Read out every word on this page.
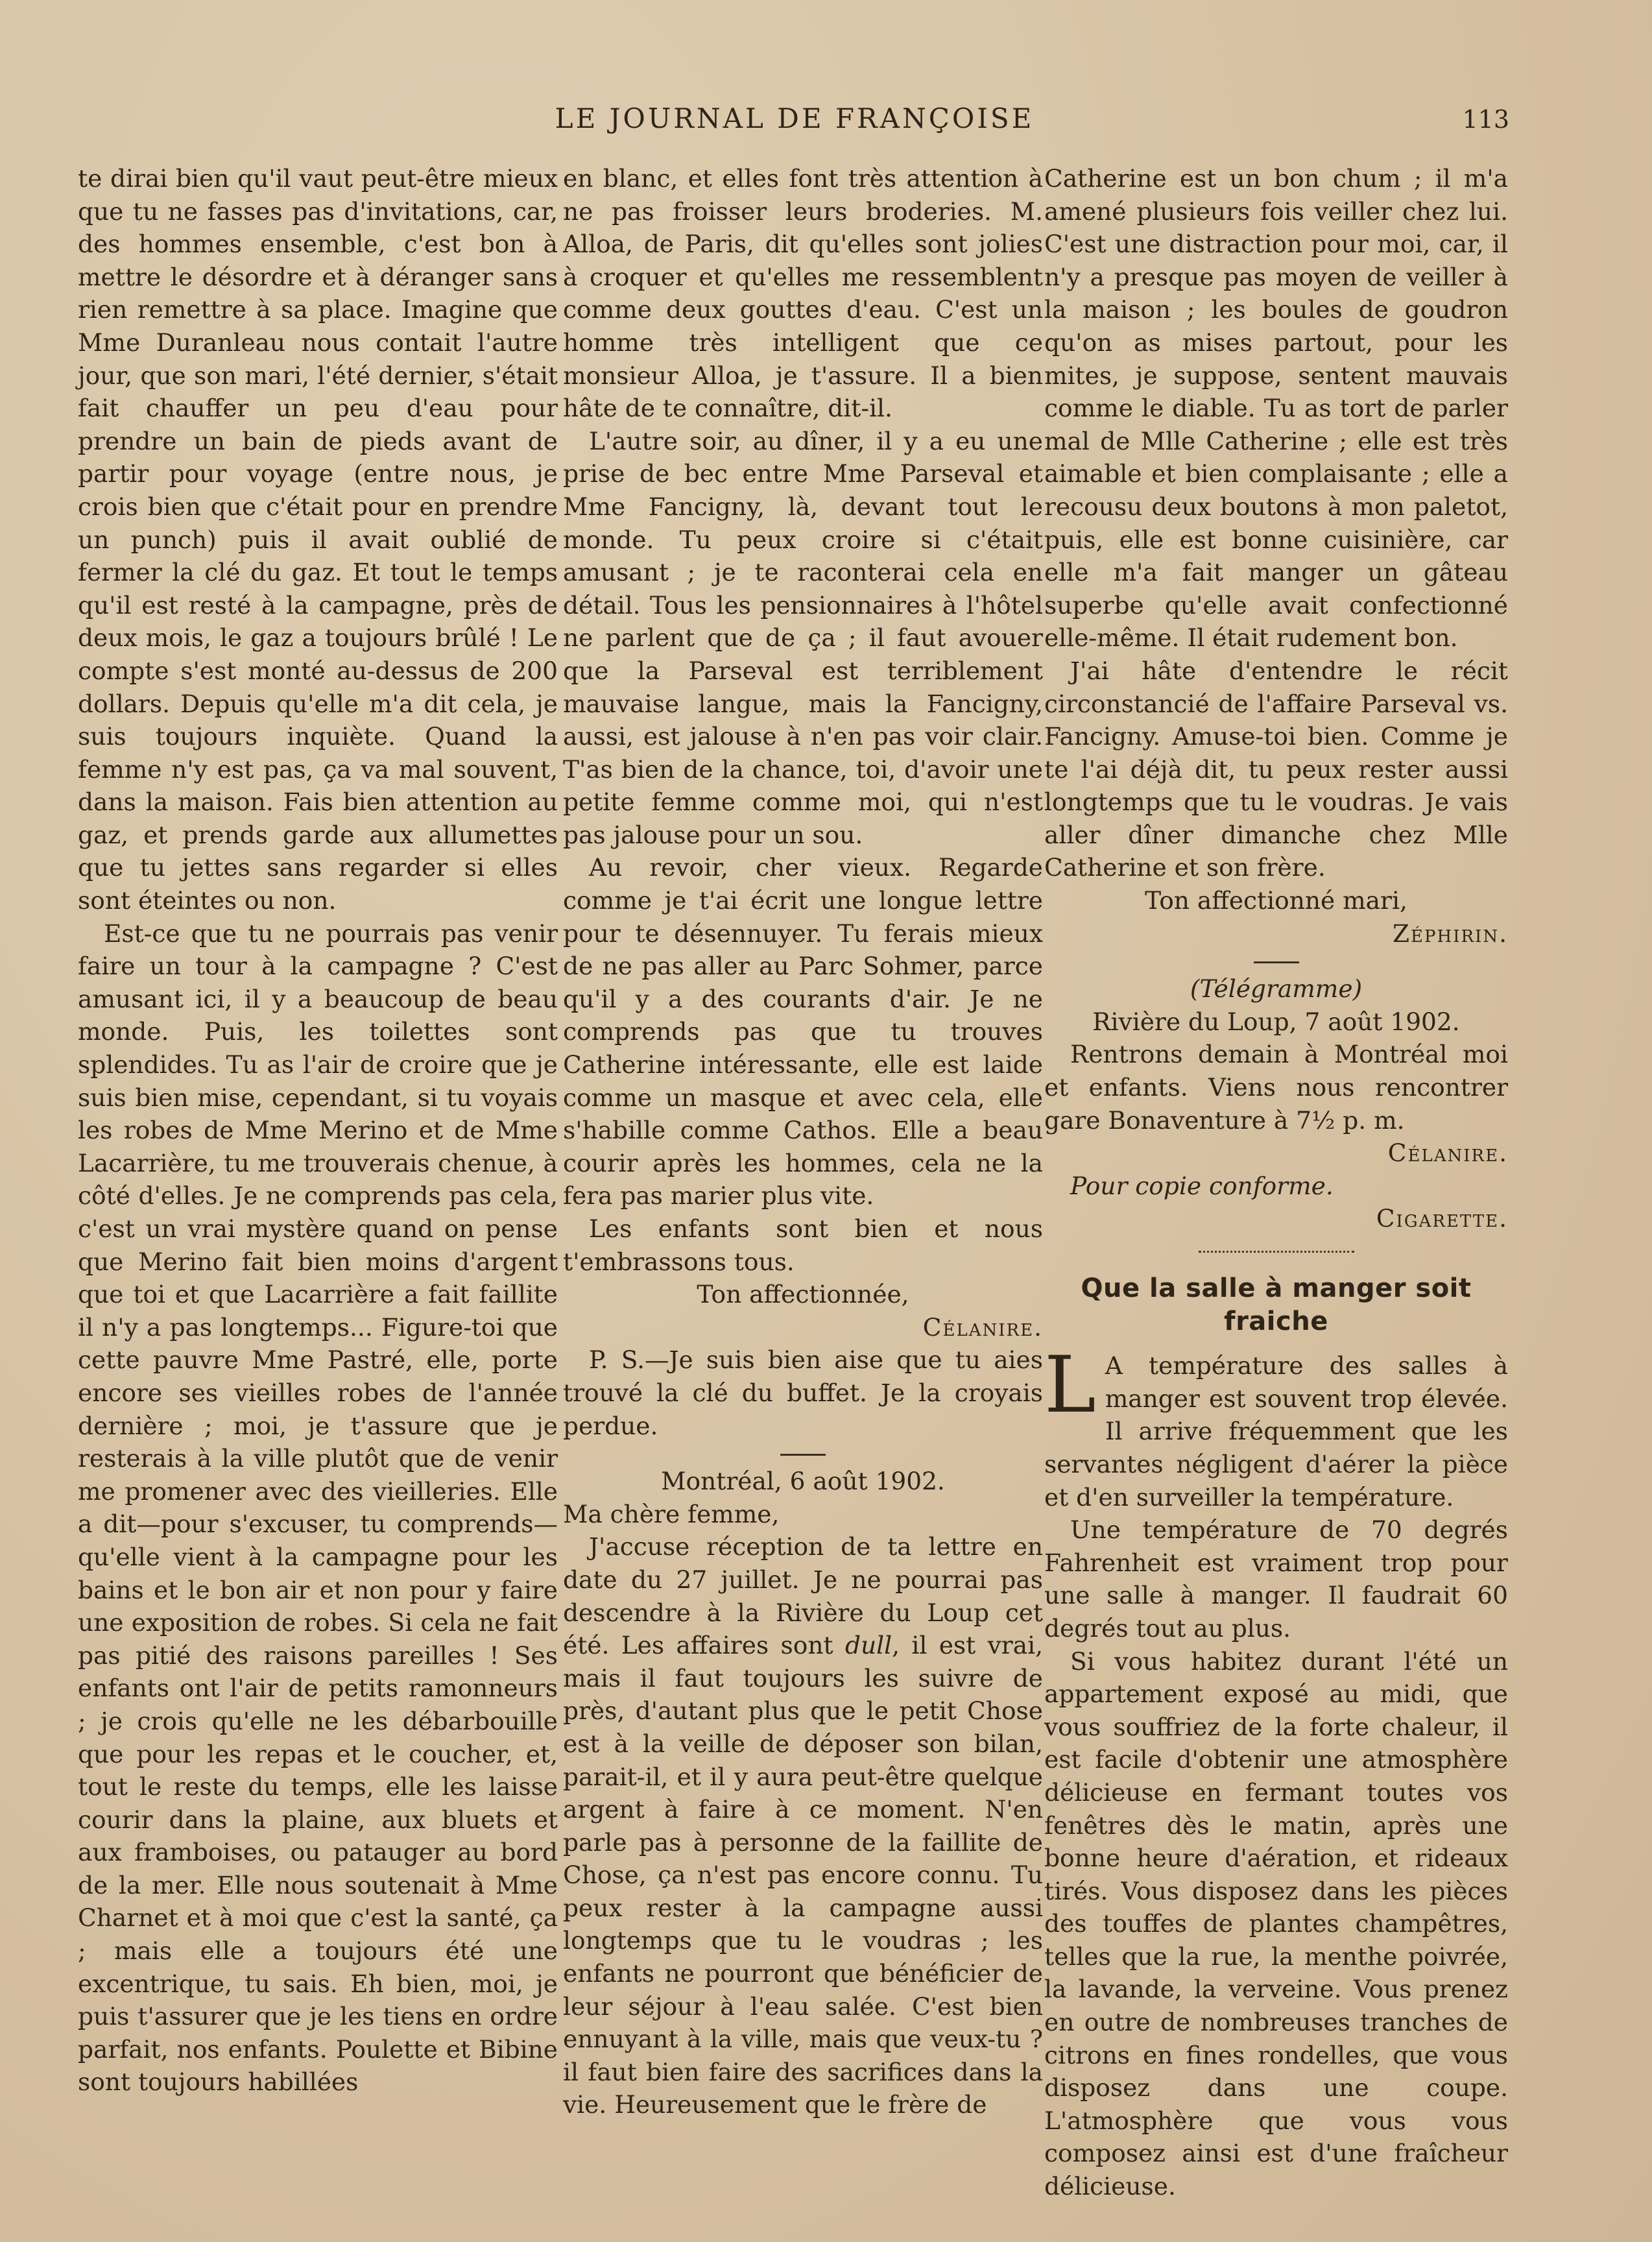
LE JOURNAL DE FRANÇOISE	113

te dirai bien qu'il vaut peut-être mieux que tu ne fasses pas d'invitations, car, des hommes ensemble, c'est bon à mettre le désordre et à déranger sans rien remettre à sa place. Imagine que Mme Duranleau nous contait l'autre jour, que son mari, l'été dernier, s'était fait chauffer un peu d'eau pour prendre un bain de pieds avant de partir pour voyage (entre nous, je crois bien que c'était pour en prendre un punch) puis il avait oublié de fermer la clé du gaz. Et tout le temps qu'il est resté à la campagne, près de deux mois, le gaz a toujours brûlé ! Le compte s'est monté au-dessus de 200 dollars. Depuis qu'elle m'a dit cela, je suis toujours inquiète. Quand la femme n'y est pas, ça va mal souvent, dans la maison. Fais bien attention au gaz, et prends garde aux allumettes que tu jettes sans regarder si elles sont éteintes ou non.

Est-ce que tu ne pourrais pas venir faire un tour à la campagne ? C'est amusant ici, il y a beaucoup de beau monde. Puis, les toilettes sont splendides. Tu as l'air de croire que je suis bien mise, cependant, si tu voyais les robes de Mme Merino et de Mme Lacarrière, tu me trouverais chenue, à côté d'elles. Je ne comprends pas cela, c'est un vrai mystère quand on pense que Merino fait bien moins d'argent que toi et que Lacarrière a fait faillite il n'y a pas longtemps... Figure-toi que cette pauvre Mme Pastré, elle, porte encore ses vieilles robes de l'année dernière ; moi, je t'assure que je resterais à la ville plutôt que de venir me promener avec des vieilleries. Elle a dit—pour s'excuser, tu comprends—qu'elle vient à la campagne pour les bains et le bon air et non pour y faire une exposition de robes. Si cela ne fait pas pitié des raisons pareilles ! Ses enfants ont l'air de petits ramonneurs ; je crois qu'elle ne les débarbouille que pour les repas et le coucher, et, tout le reste du temps, elle les laisse courir dans la plaine, aux bluets et aux framboises, ou patauger au bord de la mer. Elle nous soutenait à Mme Charnet et à moi que c'est la santé, ça ; mais elle a toujours été une excentrique, tu sais. Eh bien, moi, je puis t'assurer que je les tiens en ordre parfait, nos enfants. Poulette et Bibine sont toujours habillées

en blanc, et elles font très attention à ne pas froisser leurs broderies. M. Alloa, de Paris, dit qu'elles sont jolies à croquer et qu'elles me ressemblent comme deux gouttes d'eau. C'est un homme très intelligent que ce monsieur Alloa, je t'assure. Il a bien hâte de te connaître, dit-il.

L'autre soir, au dîner, il y a eu une prise de bec entre Mme Parseval et Mme Fancigny, là, devant tout le monde. Tu peux croire si c'était amusant ; je te raconterai cela en détail. Tous les pensionnaires à l'hôtel ne parlent que de ça ; il faut avouer que la Parseval est terriblement mauvaise langue, mais la Fancigny, aussi, est jalouse à n'en pas voir clair. T'as bien de la chance, toi, d'avoir une petite femme comme moi, qui n'est pas jalouse pour un sou.

Au revoir, cher vieux. Regarde comme je t'ai écrit une longue lettre pour te désennuyer. Tu ferais mieux de ne pas aller au Parc Sohmer, parce qu'il y a des courants d'air. Je ne comprends pas que tu trouves Catherine intéressante, elle est laide comme un masque et avec cela, elle s'habille comme Cathos. Elle a beau courir après les hommes, cela ne la fera pas marier plus vite.

Les enfants sont bien et nous t'embrassons tous.

Ton affectionnée,

Célanire.

P. S.—Je suis bien aise que tu aies trouvé la clé du buffet. Je la croyais perdue.

Montréal, 6 août 1902.

Ma chère femme,

J'accuse réception de ta lettre en date du 27 juillet. Je ne pourrai pas descendre à la Rivière du Loup cet été. Les affaires sont dull, il est vrai, mais il faut toujours les suivre de près, d'autant plus que le petit Chose est à la veille de déposer son bilan, parait-il, et il y aura peut-être quelque argent à faire à ce moment. N'en parle pas à personne de la faillite de Chose, ça n'est pas encore connu. Tu peux rester à la campagne aussi longtemps que tu le voudras ; les enfants ne pourront que bénéficier de leur séjour à l'eau salée. C'est bien ennuyant à la ville, mais que veux-tu ? il faut bien faire des sacrifices dans la vie. Heureusement que le frère de

Catherine est un bon chum ; il m'a amené plusieurs fois veiller chez lui. C'est une distraction pour moi, car, il n'y a presque pas moyen de veiller à la maison ; les boules de goudron qu'on as mises partout, pour les mites, je suppose, sentent mauvais comme le diable. Tu as tort de parler mal de Mlle Catherine ; elle est très aimable et bien complaisante ; elle a recousu deux boutons à mon paletot, puis, elle est bonne cuisinière, car elle m'a fait manger un gâteau superbe qu'elle avait confectionné elle-même. Il était rudement bon.

J'ai hâte d'entendre le récit circonstancié de l'affaire Parseval vs. Fancigny. Amuse-toi bien. Comme je te l'ai déjà dit, tu peux rester aussi longtemps que tu le voudras. Je vais aller dîner dimanche chez Mlle Catherine et son frère.

Ton affectionné mari,

Zéphirin.

(Télégramme)

Rivière du Loup, 7 août 1902.

Rentrons demain à Montréal moi et enfants. Viens nous rencontrer gare Bonaventure à 7½ p. m.

Célanire.

Pour copie conforme.

Cigarette.

Que la salle à manger soit fraiche

L A température des salles à manger est souvent trop élevée. Il arrive fréquemment que les servantes négligent d'aérer la pièce et d'en surveiller la température.

Une température de 70 degrés Fahrenheit est vraiment trop pour une salle à manger. Il faudrait 60 degrés tout au plus.

Si vous habitez durant l'été un appartement exposé au midi, que vous souffriez de la forte chaleur, il est facile d'obtenir une atmosphère délicieuse en fermant toutes vos fenêtres dès le matin, après une bonne heure d'aération, et rideaux tirés. Vous disposez dans les pièces des touffes de plantes champêtres, telles que la rue, la menthe poivrée, la lavande, la verveine. Vous prenez en outre de nombreuses tranches de citrons en fines rondelles, que vous disposez dans une coupe. L'atmosphère que vous vous composez ainsi est d'une fraîcheur délicieuse.
